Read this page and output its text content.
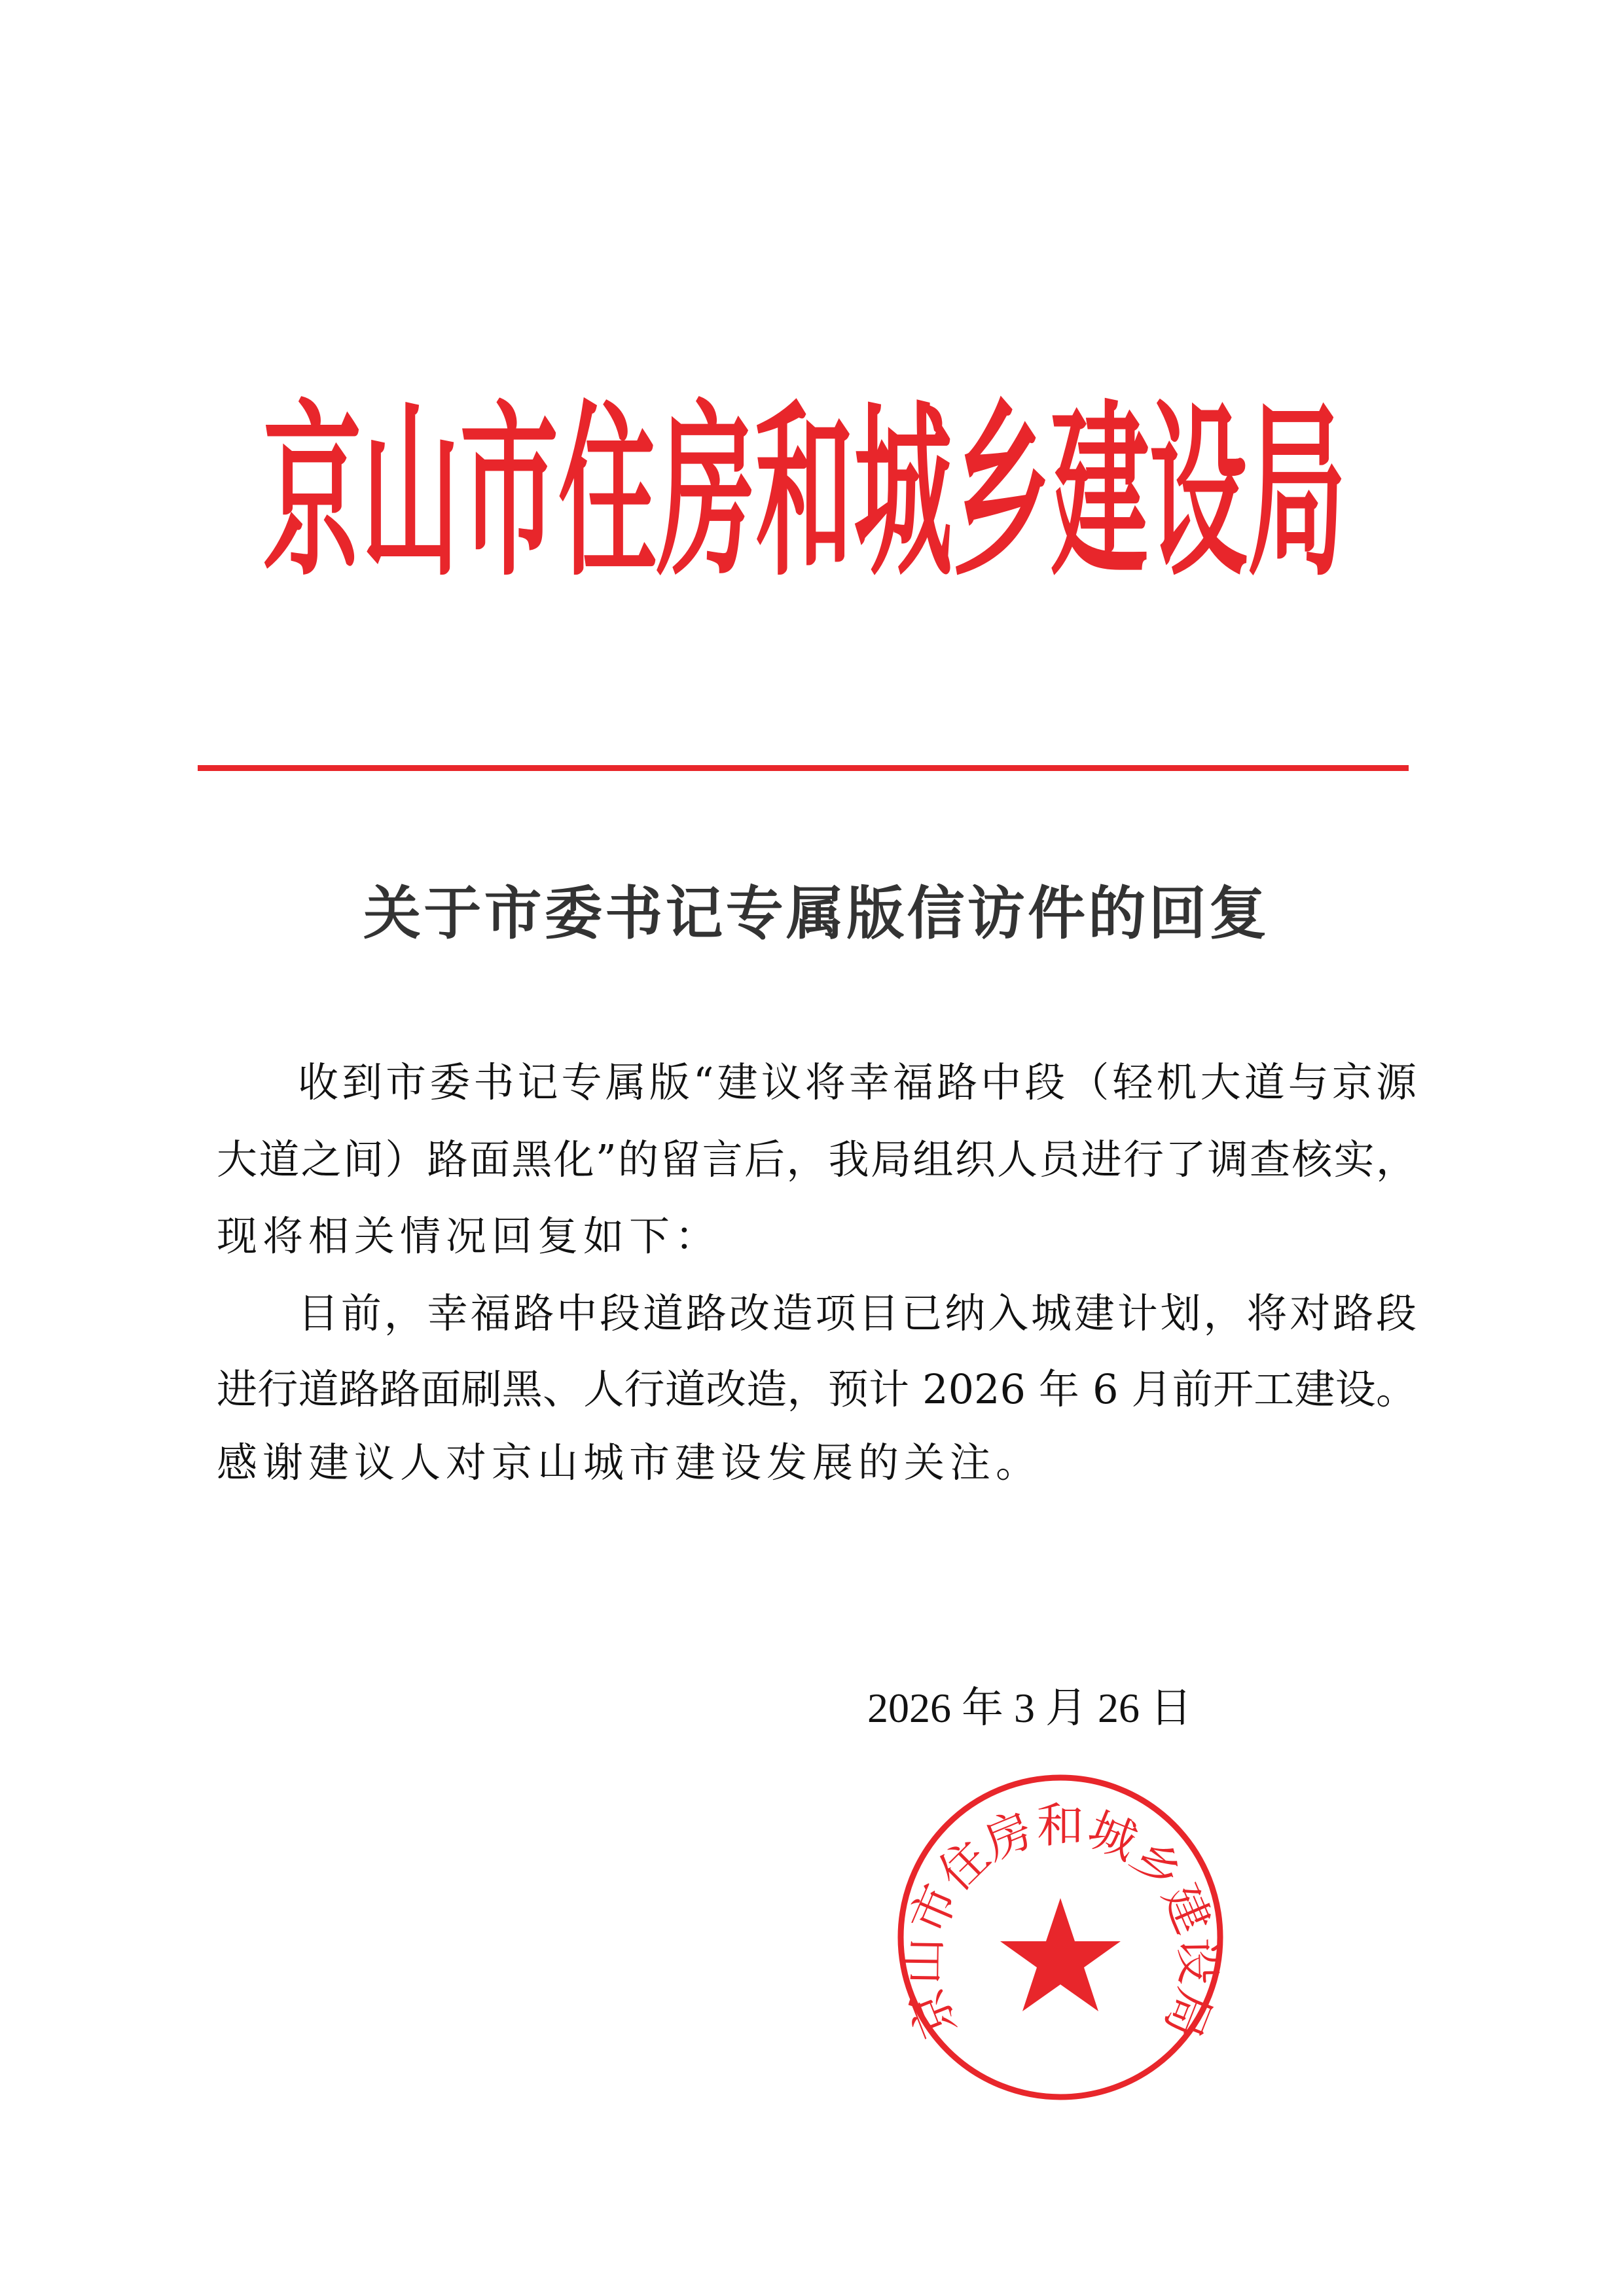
京山市住房和城乡建设局
关于市委书记专属版信访件的回复
收到市委书记专属版“建议将幸福路中段（轻机大道与京源
大道之间）路面黑化”的留言后，我局组织人员进行了调查核实，
现将相关情况回复如下：
目前，幸福路中段道路改造项目已纳入城建计划，将对路段
进行道路路面刷黑、人行道改造，预计 2026 年 6 月前开工建设。
感谢建议人对京山城市建设发展的关注。
2026 年 3 月 26 日
京山市住房和城乡建设局
